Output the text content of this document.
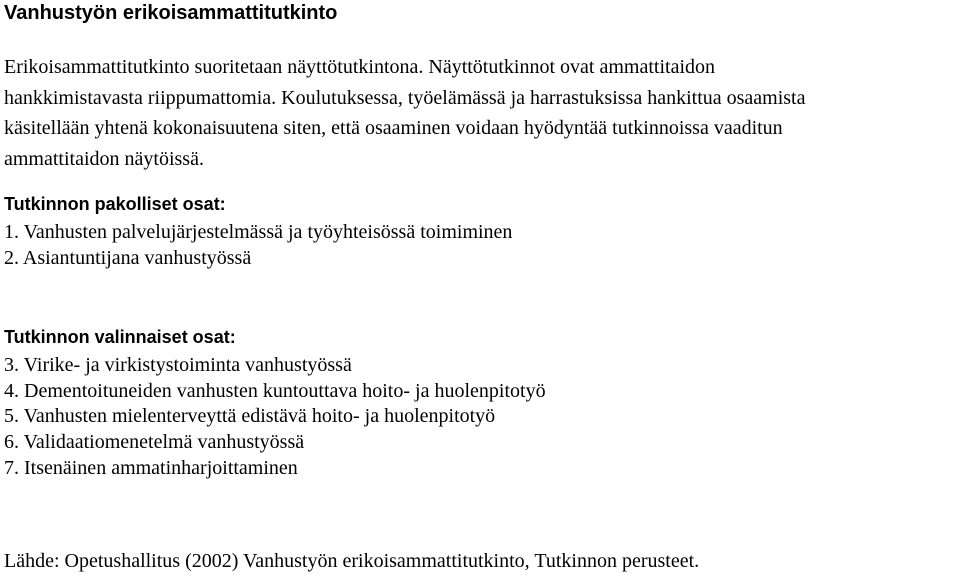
Vanhustyön erikoisammattitutkinto
Erikoisammattitutkinto suoritetaan näyttötutkintona. Näyttötutkinnot ovat ammattitaidon
hankkimistavasta riippumattomia. Koulutuksessa, työelämässä ja harrastuksissa hankittua osaamista
käsitellään yhtenä kokonaisuutena siten, että osaaminen voidaan hyödyntää tutkinnoissa vaaditun
ammattitaidon näytöissä.
Tutkinnon pakolliset osat:
1. Vanhusten palvelujärjestelmässä ja työyhteisössä toimiminen
2. Asiantuntijana vanhustyössä
Tutkinnon valinnaiset osat:
3. Virike- ja virkistystoiminta vanhustyössä
4. Dementoituneiden vanhusten kuntouttava hoito- ja huolenpitotyö
5. Vanhusten mielenterveyttä edistävä hoito- ja huolenpitotyö
6. Validaatiomenetelmä vanhustyössä
7. Itsenäinen ammatinharjoittaminen
Lähde: Opetushallitus (2002) Vanhustyön erikoisammattitutkinto, Tutkinnon perusteet.
